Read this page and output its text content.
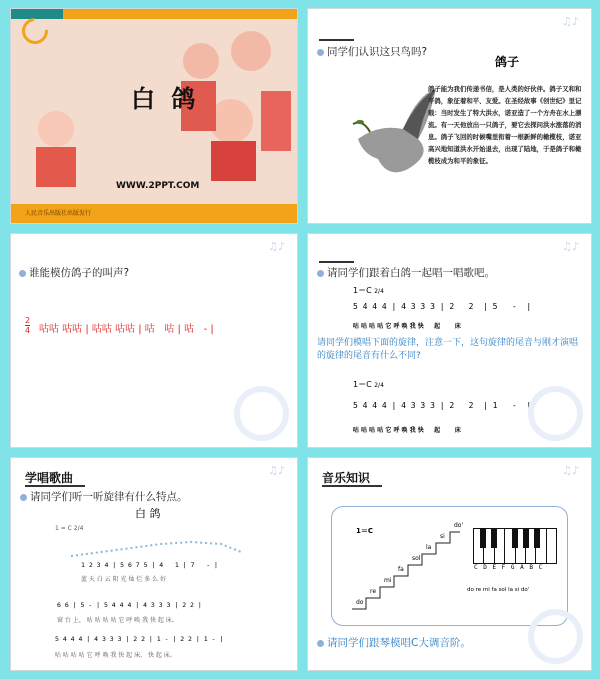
白 鸽
WWW.2PPT.COM
人民音乐出版社出版发行
♫♪
同学们认识这只鸟吗?
鸽子
鸽子能为我们传递书信，是人类的好伙伴。鸽子又和和平鸽，象征着和平、友爱。在圣经故事《创世纪》里记载：当时发生了特大洪水，诺亚造了一个方舟在水上漂流。有一天他放出一只鸽子，要它去探问洪水涨落的消息。鸽子飞回的时候嘴里衔着一根新鲜的橄榄枝，诺亚高兴地知道洪水开始退去，出现了陆地，于是鸽子和橄榄枝成为和平的象征。
♫♪
谁能模仿鸽子的叫声?
2
4 咕咕 咕咕 | 咕咕 咕咕 | 咕   咕 | 咕   - |
♫♪
请同学们跟着白鸽一起唱一唱歌吧。
1＝C 2/4
5 4 4 4 | 4 3 3 3 | 2   2  | 5   -  |
咕 咕 咕 咕 它 呼 唤 我 快     起       床
请同学们模唱下面的旋律，注意一下，这句旋律的尾音与刚才演唱的旋律的尾音有什么不同?
1＝C 2/4
5 4 4 4 | 4 3 3 3 | 2   2  | 1   -  |
咕 咕 咕 咕 它 呼 唤 我 快     起       床
♫♪
学唱歌曲
请同学们听一听旋律有什么特点。
白 鸽
1 = C 2/4
1 2 3 4 | 5 6 7 5 | 4   1 | 7   - |
蓝 天 白 云 阳 光 灿 烂 多 么 好
6 6 | 5 - | 5 4 4 4 | 4 3 3 3 | 2 2 |
窗 台 上， 咕 咕 咕 咕 它 呼 唤 我 快 起 床。
5 4 4 4 | 4 3 3 3 | 2 2 | 1 - | 2 2 | 1 - |
咕 咕 咕 咕 它 呼 唤 我 快 起 床， 快 起 床。
♫♪
音乐知识
1＝C
do
re
mi
fa
sol
la
si
do'
C D E F G A B C
do re mi fa sol la si do'
请同学们跟琴模唱C大调音阶。
